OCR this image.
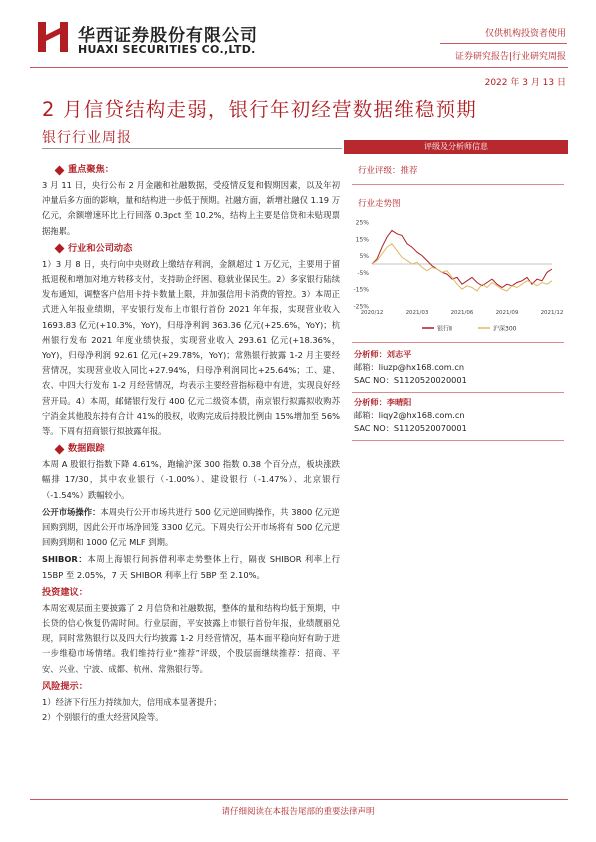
华西证券股份有限公司
HUAXI SECURITIES CO.,LTD.
仅供机构投资者使用
证券研究报告|行业研究周报
2022 年 3 月 13 日
2 月信贷结构走弱，银行年初经营数据维稳预期
银行行业周报
重点聚焦：
3 月 11 日，央行公布 2 月金融和社融数据，受疫情反复和假期因素，以及年初冲量后多方面的影响，量和结构进一步低于预期。社融方面，新增社融仅 1.19 万亿元，余额增速环比上行回落 0.3pct 至 10.2%，结构上主要是信贷和未贴现票据拖累。
行业和公司动态
1）3 月 8 日，央行向中央财政上缴结存利润，金额超过 1 万亿元，主要用于留抵退税和增加对地方转移支付，支持助企纾困、稳就业保民生。2）多家银行陆续发布通知，调整客户信用卡持卡数量上限，并加强信用卡消费的管控。3）本周正式进入年报业绩期，平安银行发布上市银行首份 2021 年年报，实现营业收入 1693.83 亿元(+10.3%，YoY)，归母净利润 363.36 亿元(+25.6%，YoY)；杭州银行发布 2021 年度业绩快报，实现营业收入 293.61 亿元(+18.36%，YoY)，归母净利润 92.61 亿元(+29.78%，YoY)；常熟银行披露 1-2 月主要经营情况，实现营业收入同比+27.94%，归母净利润同比+25.64%；工、建、农、中四大行发布 1-2 月经营情况，均表示主要经营指标稳中有进，实现良好经营开局。4）本周，邮储银行发行 400 亿元二级资本债，南京银行拟露拟收购苏宁消金其他股东持有合计 41%的股权，收购完成后持股比例由 15%增加至 56%等。下周有招商银行拟披露年报。
数据跟踪
本周 A 股银行指数下降 4.61%，跑输沪深 300 指数 0.38 个百分点，板块涨跌幅排 17/30，其中农业银行（-1.00%）、建设银行（-1.47%）、北京银行（-1.54%）跌幅较小。
公开市场操作：本周央行公开市场共进行 500 亿元逆回购操作，共 3800 亿元逆回购到期，因此公开市场净回笼 3300 亿元。下周央行公开市场将有 500 亿元逆回购到期和 1000 亿元 MLF 到期。
SHIBOR：本周上海银行间拆借利率走势整体上行，隔夜 SHIBOR 利率上行 15BP 至 2.05%，7 天 SHIBOR 利率上行 5BP 至 2.10%。
投资建议：
本周宏观层面主要披露了 2 月信贷和社融数据，整体的量和结构均低于预期，中长贷的信心恢复仍需时间。行业层面，平安披露上市银行首份年报，业绩靓丽兑现，同时常熟银行以及四大行均披露 1-2 月经营情况，基本面平稳向好有助于进一步维稳市场情绪。我们维持行业“推荐”评级，个股层面继续推荐：招商、平安、兴业、宁波、成都、杭州、常熟银行等。
风险提示：
1）经济下行压力持续加大，信用成本显著提升；
2）个别银行的重大经营风险等。
评级及分析师信息
行业评级：推荐
行业走势图
25%
15%
5%
-5%
-15%
-25%
2020/12	2021/03	2021/06	2021/09	2021/12
银行Ⅱ	沪深300
分析师：刘志平
邮箱：liuzp@hx168.com.cn
SAC NO：S1120520020001
分析师：李晴阳
邮箱：liqy2@hx168.com.cn
SAC NO：S1120520070001
请仔细阅读在本报告尾部的重要法律声明
